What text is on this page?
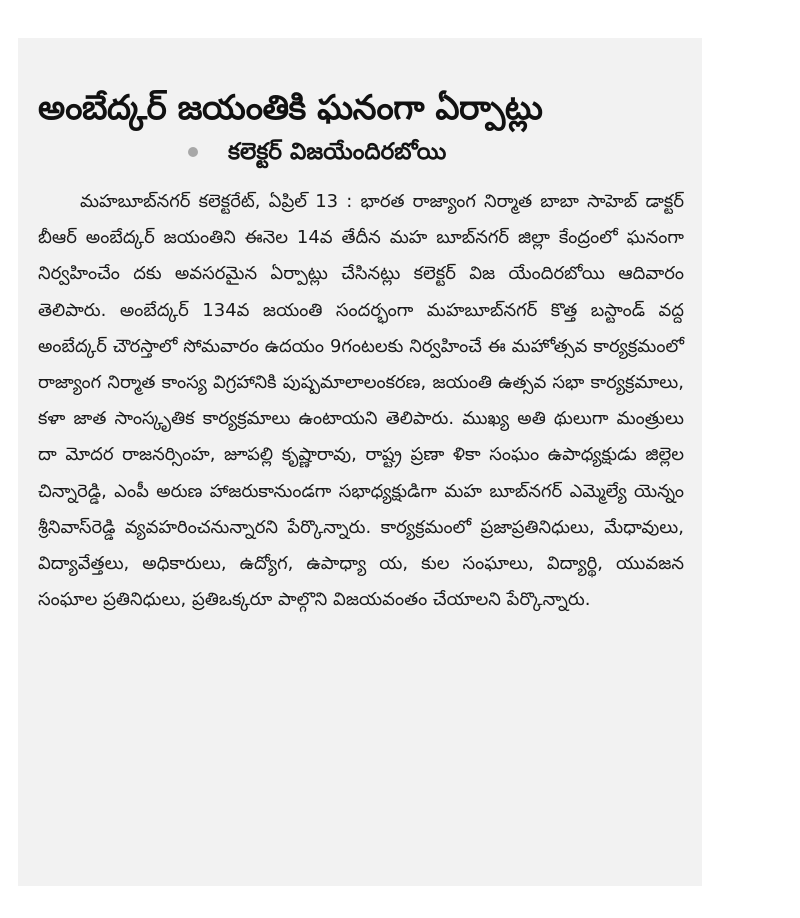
అంబేద్కర్ జయంతికి ఘనంగా ఏర్పాట్లు
కలెక్టర్ విజయేందిరబోయి

మహబూబ్‌నగర్ కలెక్టరేట్, ఏప్రిల్ 13 : భారత రాజ్యాంగ నిర్మాత బాబా సాహెబ్ డాక్టర్ బీఆర్ అంబేద్కర్ జయంతిని ఈనెల 14వ తేదీన మహ బూబ్‌నగర్ జిల్లా కేంద్రంలో ఘనంగా నిర్వహించేం దకు అవసరమైన ఏర్పాట్లు చేసినట్లు కలెక్టర్ విజ యేందిరబోయి ఆదివారం తెలిపారు. అంబేద్కర్ 134వ జయంతి సందర్భంగా మహబూబ్‌నగర్ కొత్త బస్టాండ్ వద్ద అంబేద్కర్ చౌరస్తాలో సోమవారం ఉదయం 9గంటలకు నిర్వహించే ఈ మహోత్సవ కార్యక్రమంలో రాజ్యాంగ నిర్మాత కాంస్య విగ్రహానికి పుష్పమాలాలంకరణ, జయంతి ఉత్సవ సభా కార్యక్రమాలు, కళా జాత సాంస్కృతిక కార్యక్రమాలు ఉంటాయని తెలిపారు. ముఖ్య అతి థులుగా మంత్రులు దా మోదర రాజనర్సింహ, జూపల్లి కృష్ణారావు, రాష్ట్ర ప్రణా ళికా సంఘం ఉపాధ్యక్షుడు జిల్లెల చిన్నారెడ్డి, ఎంపీ అరుణ హాజరుకానుండగా సభాధ్యక్షుడిగా మహ బూబ్‌నగర్ ఎమ్మెల్యే యెన్నం శ్రీనివాస్‌రెడ్డి వ్యవహరించనున్నారని పేర్కొన్నారు. కార్యక్రమంలో ప్రజాప్రతినిధులు, మేధావులు, విద్యావేత్తలు, అధికారులు, ఉద్యోగ, ఉపాధ్యా య, కుల సంఘాలు, విద్యార్థి, యువజన సంఘాల ప్రతినిధులు, ప్రతిఒక్కరూ పాల్గొని విజయవంతం చేయాలని పేర్కొన్నారు.
